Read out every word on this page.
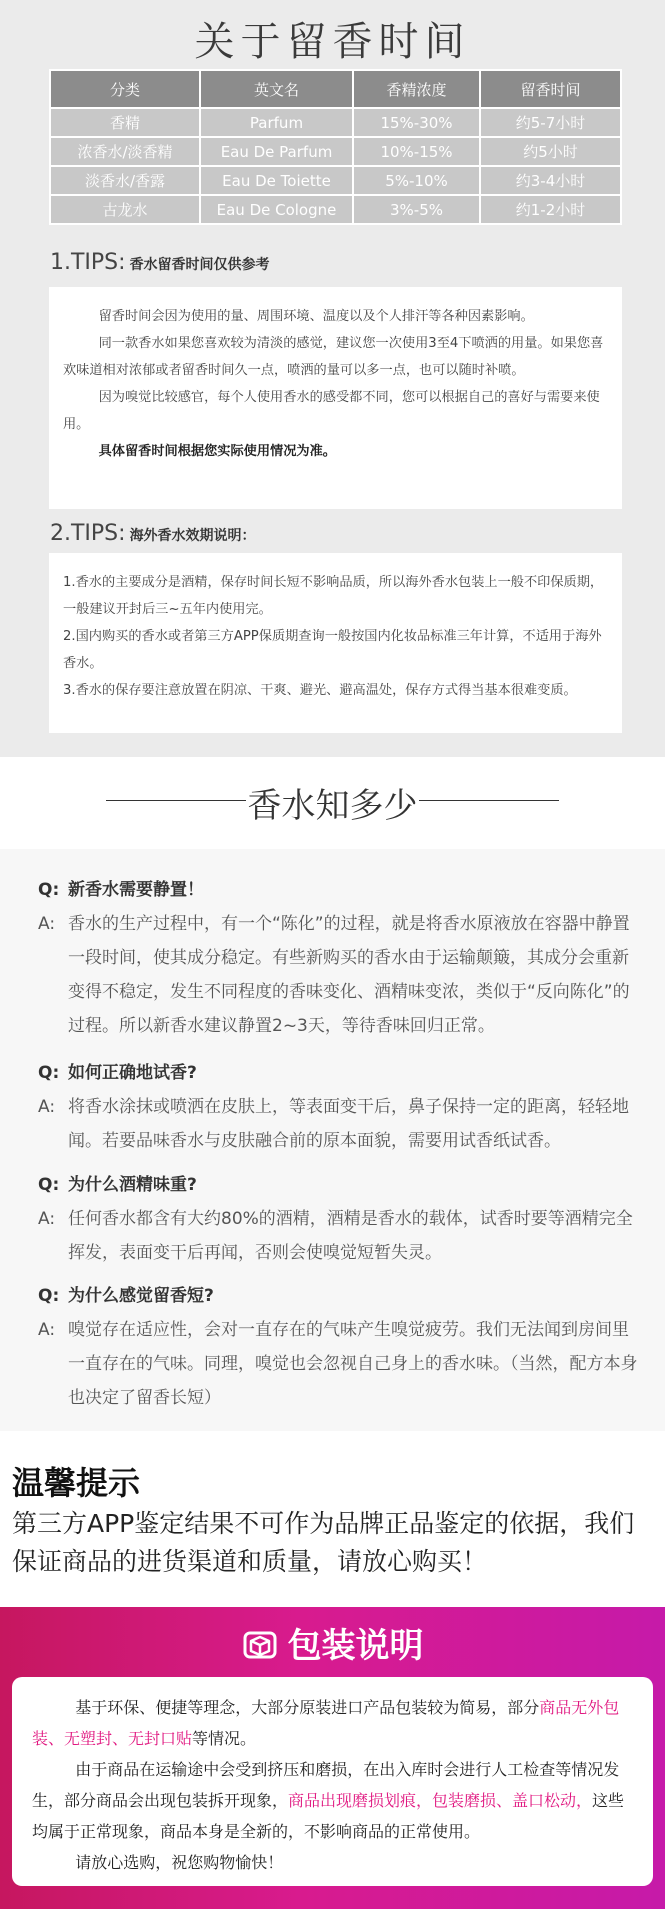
关于留香时间
分类	英文名	香精浓度	留香时间
香精	Parfum	15%-30%	约5-7小时
浓香水/淡香精	Eau De Parfum	10%-15%	约5小时
淡香水/香露	Eau De Toiette	5%-10%	约3-4小时
古龙水	Eau De Cologne	3%-5%	约1-2小时
1.TIPS: 香水留香时间仅供参考

留香时间会因为使用的量、周围环境、温度以及个人排汗等各种因素影响。

同一款香水如果您喜欢较为清淡的感觉，建议您一次使用3至4下喷洒的用量。如果您喜欢味道相对浓郁或者留香时间久一点，喷洒的量可以多一点，也可以随时补喷。

因为嗅觉比较感官，每个人使用香水的感受都不同，您可以根据自己的喜好与需要来使用。

具体留香时间根据您实际使用情况为准。

2.TIPS: 海外香水效期说明：

1.香水的主要成分是酒精，保存时间长短不影响品质，所以海外香水包装上一般不印保质期，一般建议开封后三~五年内使用完。

2.国内购买的香水或者第三方APP保质期查询一般按国内化妆品标准三年计算，不适用于海外香水。

3.香水的保存要注意放置在阴凉、干爽、避光、避高温处，保存方式得当基本很难变质。

香水知多少
Q: 新香水需要静置！
A: 香水的生产过程中，有一个“陈化”的过程，就是将香水原液放在容器中静置一段时间，使其成分稳定。有些新购买的香水由于运输颠簸，其成分会重新变得不稳定，发生不同程度的香味变化、酒精味变浓，类似于“反向陈化”的过程。所以新香水建议静置2~3天，等待香味回归正常。
Q: 如何正确地试香?
A: 将香水涂抹或喷洒在皮肤上，等表面变干后，鼻子保持一定的距离，轻轻地闻。若要品味香水与皮肤融合前的原本面貌，需要用试香纸试香。
Q: 为什么酒精味重?
A: 任何香水都含有大约80%的酒精，酒精是香水的载体，试香时要等酒精完全挥发，表面变干后再闻，否则会使嗅觉短暂失灵。
Q: 为什么感觉留香短?
A: 嗅觉存在适应性，会对一直存在的气味产生嗅觉疲劳。我们无法闻到房间里一直存在的气味。同理，嗅觉也会忽视自己身上的香水味。（当然，配方本身也决定了留香长短）
温馨提示
第三方APP鉴定结果不可作为品牌正品鉴定的依据，我们保证商品的进货渠道和质量，请放心购买！
包装说明

基于环保、便捷等理念，大部分原装进口产品包装较为简易，部分商品无外包装、无塑封、无封口贴等情况。

由于商品在运输途中会受到挤压和磨损，在出入库时会进行人工检查等情况发生，部分商品会出现包装拆开现象，商品出现磨损划痕，包装磨损、盖口松动，这些均属于正常现象，商品本身是全新的，不影响商品的正常使用。

请放心选购，祝您购物愉快！
